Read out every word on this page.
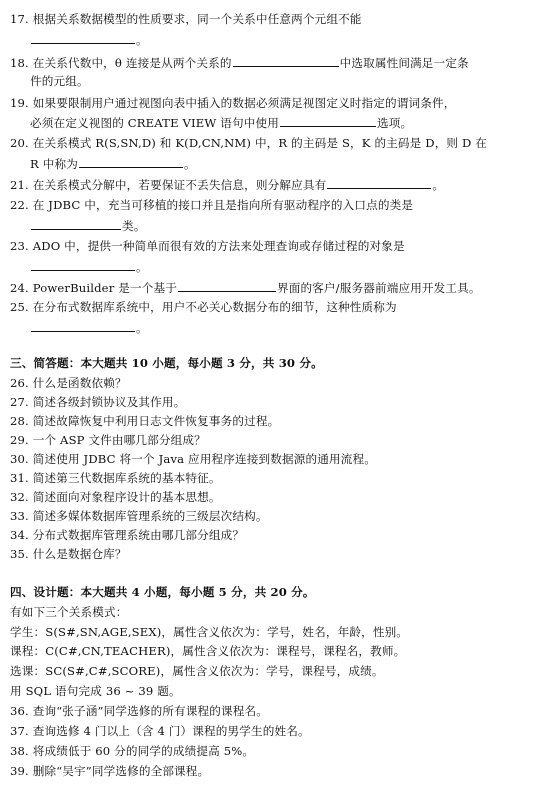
17. 根据关系数据模型的性质要求，同一个关系中任意两个元组不能
。
18. 在关系代数中，θ 连接是从两个关系的	中选取属性间满足一定条
件的元组。
19. 如果要限制用户通过视图向表中插入的数据必须满足视图定义时指定的谓词条件，
必须在定义视图的 CREATE VIEW 语句中使用	选项。
20. 在关系模式 R(S,SN,D) 和 K(D,CN,NM) 中，R 的主码是 S，K 的主码是 D，则 D 在
R 中称为	。
21. 在关系模式分解中，若要保证不丢失信息，则分解应具有	。
22. 在 JDBC 中，充当可移植的接口并且是指向所有驱动程序的入口点的类是
类。
23. ADO 中，提供一种简单而很有效的方法来处理查询或存储过程的对象是
。
24. PowerBuilder 是一个基于	界面的客户/服务器前端应用开发工具。
25. 在分布式数据库系统中，用户不必关心数据分布的细节，这种性质称为
。
三、简答题：本大题共 10 小题，每小题 3 分，共 30 分。
26. 什么是函数依赖？
27. 简述各级封锁协议及其作用。
28. 简述故障恢复中利用日志文件恢复事务的过程。
29. 一个 ASP 文件由哪几部分组成？
30. 简述使用 JDBC 将一个 Java 应用程序连接到数据源的通用流程。
31. 简述第三代数据库系统的基本特征。
32. 简述面向对象程序设计的基本思想。
33. 简述多媒体数据库管理系统的三级层次结构。
34. 分布式数据库管理系统由哪几部分组成？
35. 什么是数据仓库？
四、设计题：本大题共 4 小题，每小题 5 分，共 20 分。
有如下三个关系模式：
学生：S(S#,SN,AGE,SEX)，属性含义依次为：学号，姓名，年龄，性别。
课程：C(C#,CN,TEACHER)，属性含义依次为：课程号，课程名，教师。
选课：SC(S#,C#,SCORE)，属性含义依次为：学号，课程号，成绩。
用 SQL 语句完成 36 ~ 39 题。
36. 查询“张子涵”同学选修的所有课程的课程名。
37. 查询选修 4 门以上（含 4 门）课程的男学生的姓名。
38. 将成绩低于 60 分的同学的成绩提高 5%。
39. 删除“吴宇”同学选修的全部课程。
